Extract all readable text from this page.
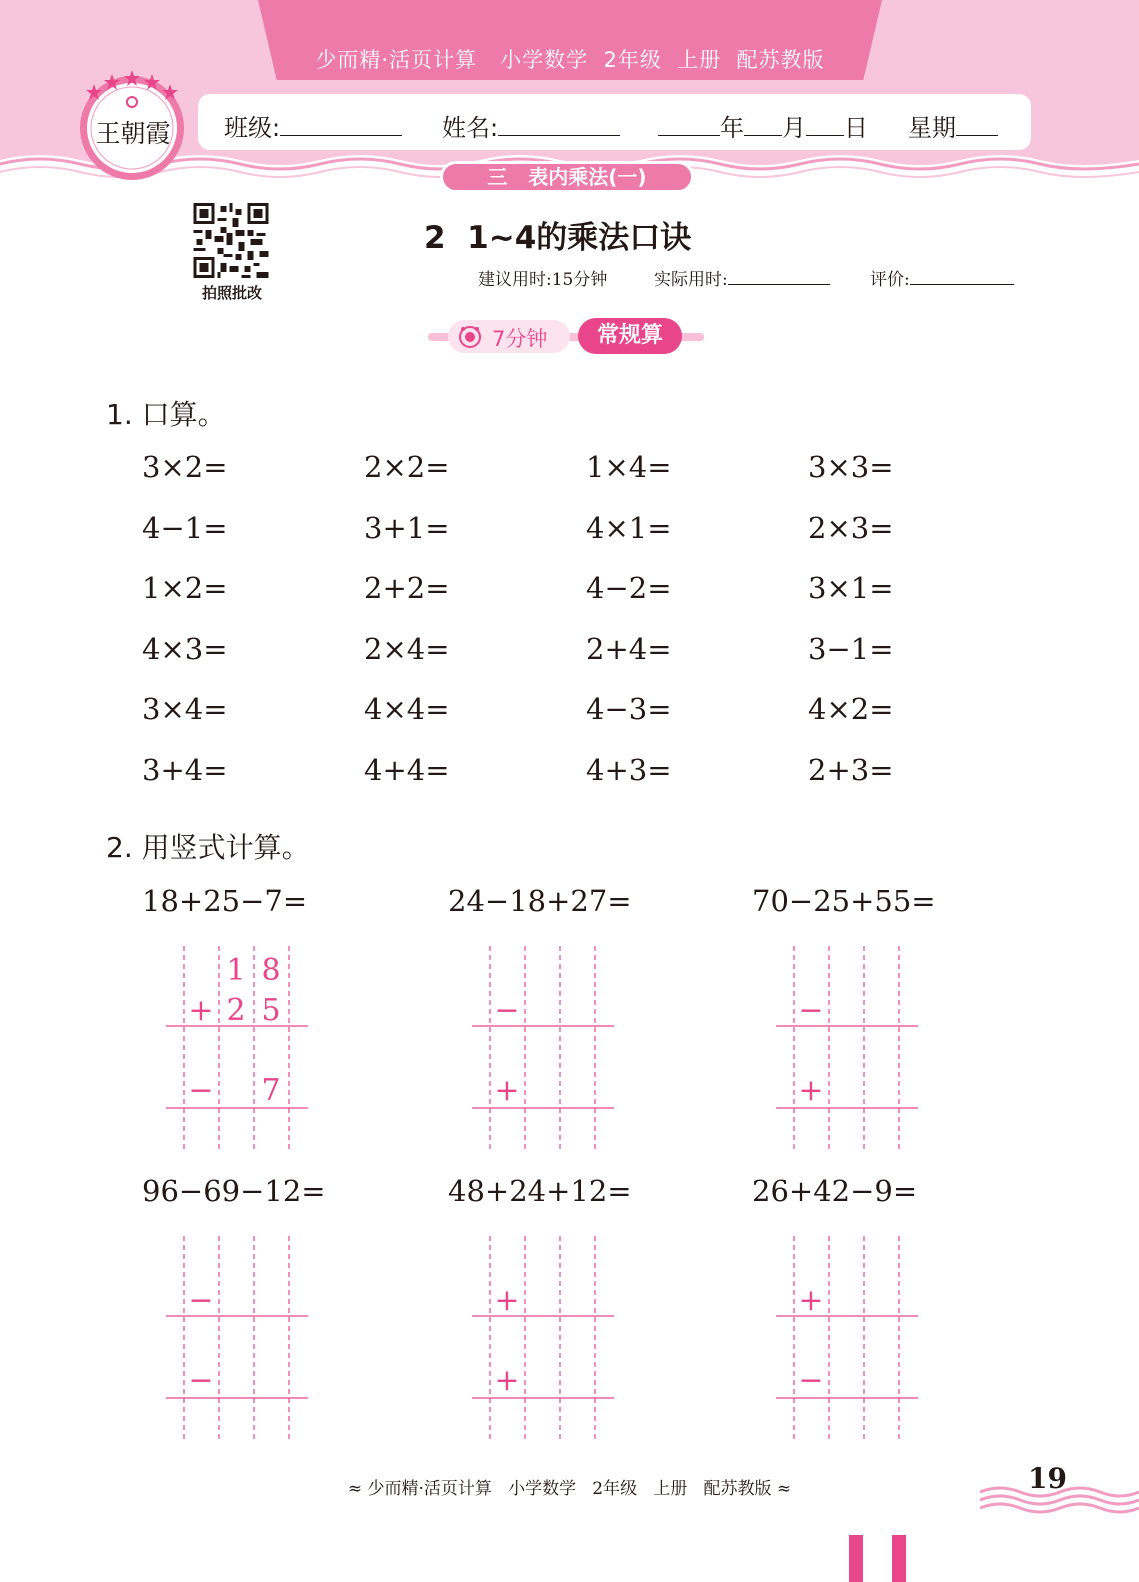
少而精·活页计算   小学数学  2年级  上册  配苏教版
王朝霞 班级:	姓名:	年 月 日 星期
三   表内乘法(一)
拍照批改
2  1~4的乘法口诀
建议用时:15分钟	实际用时:	评价:
7分钟	常规算
1. 口算。
3×2=	2×2=	1×4=	3×3=
4−1=	3+1=	4×1=	2×3=
1×2=	2+2=	4−2=	3×1=
4×3=	2×4=	2+4=	3−1=
3×4=	4×4=	4−3=	4×2=
3+4=	4+4=	4+3=	2+3=
2. 用竖式计算。
18+25−7=
1 8
+ 2 5
− 7
24−18+27=
−
+
70−25+55=
−
+
96−69−12=
−
−
48+24+12=
+
+
26+42−9=
+
−
≈ 少而精·活页计算   小学数学   2年级   上册   配苏教版 ≈	19
